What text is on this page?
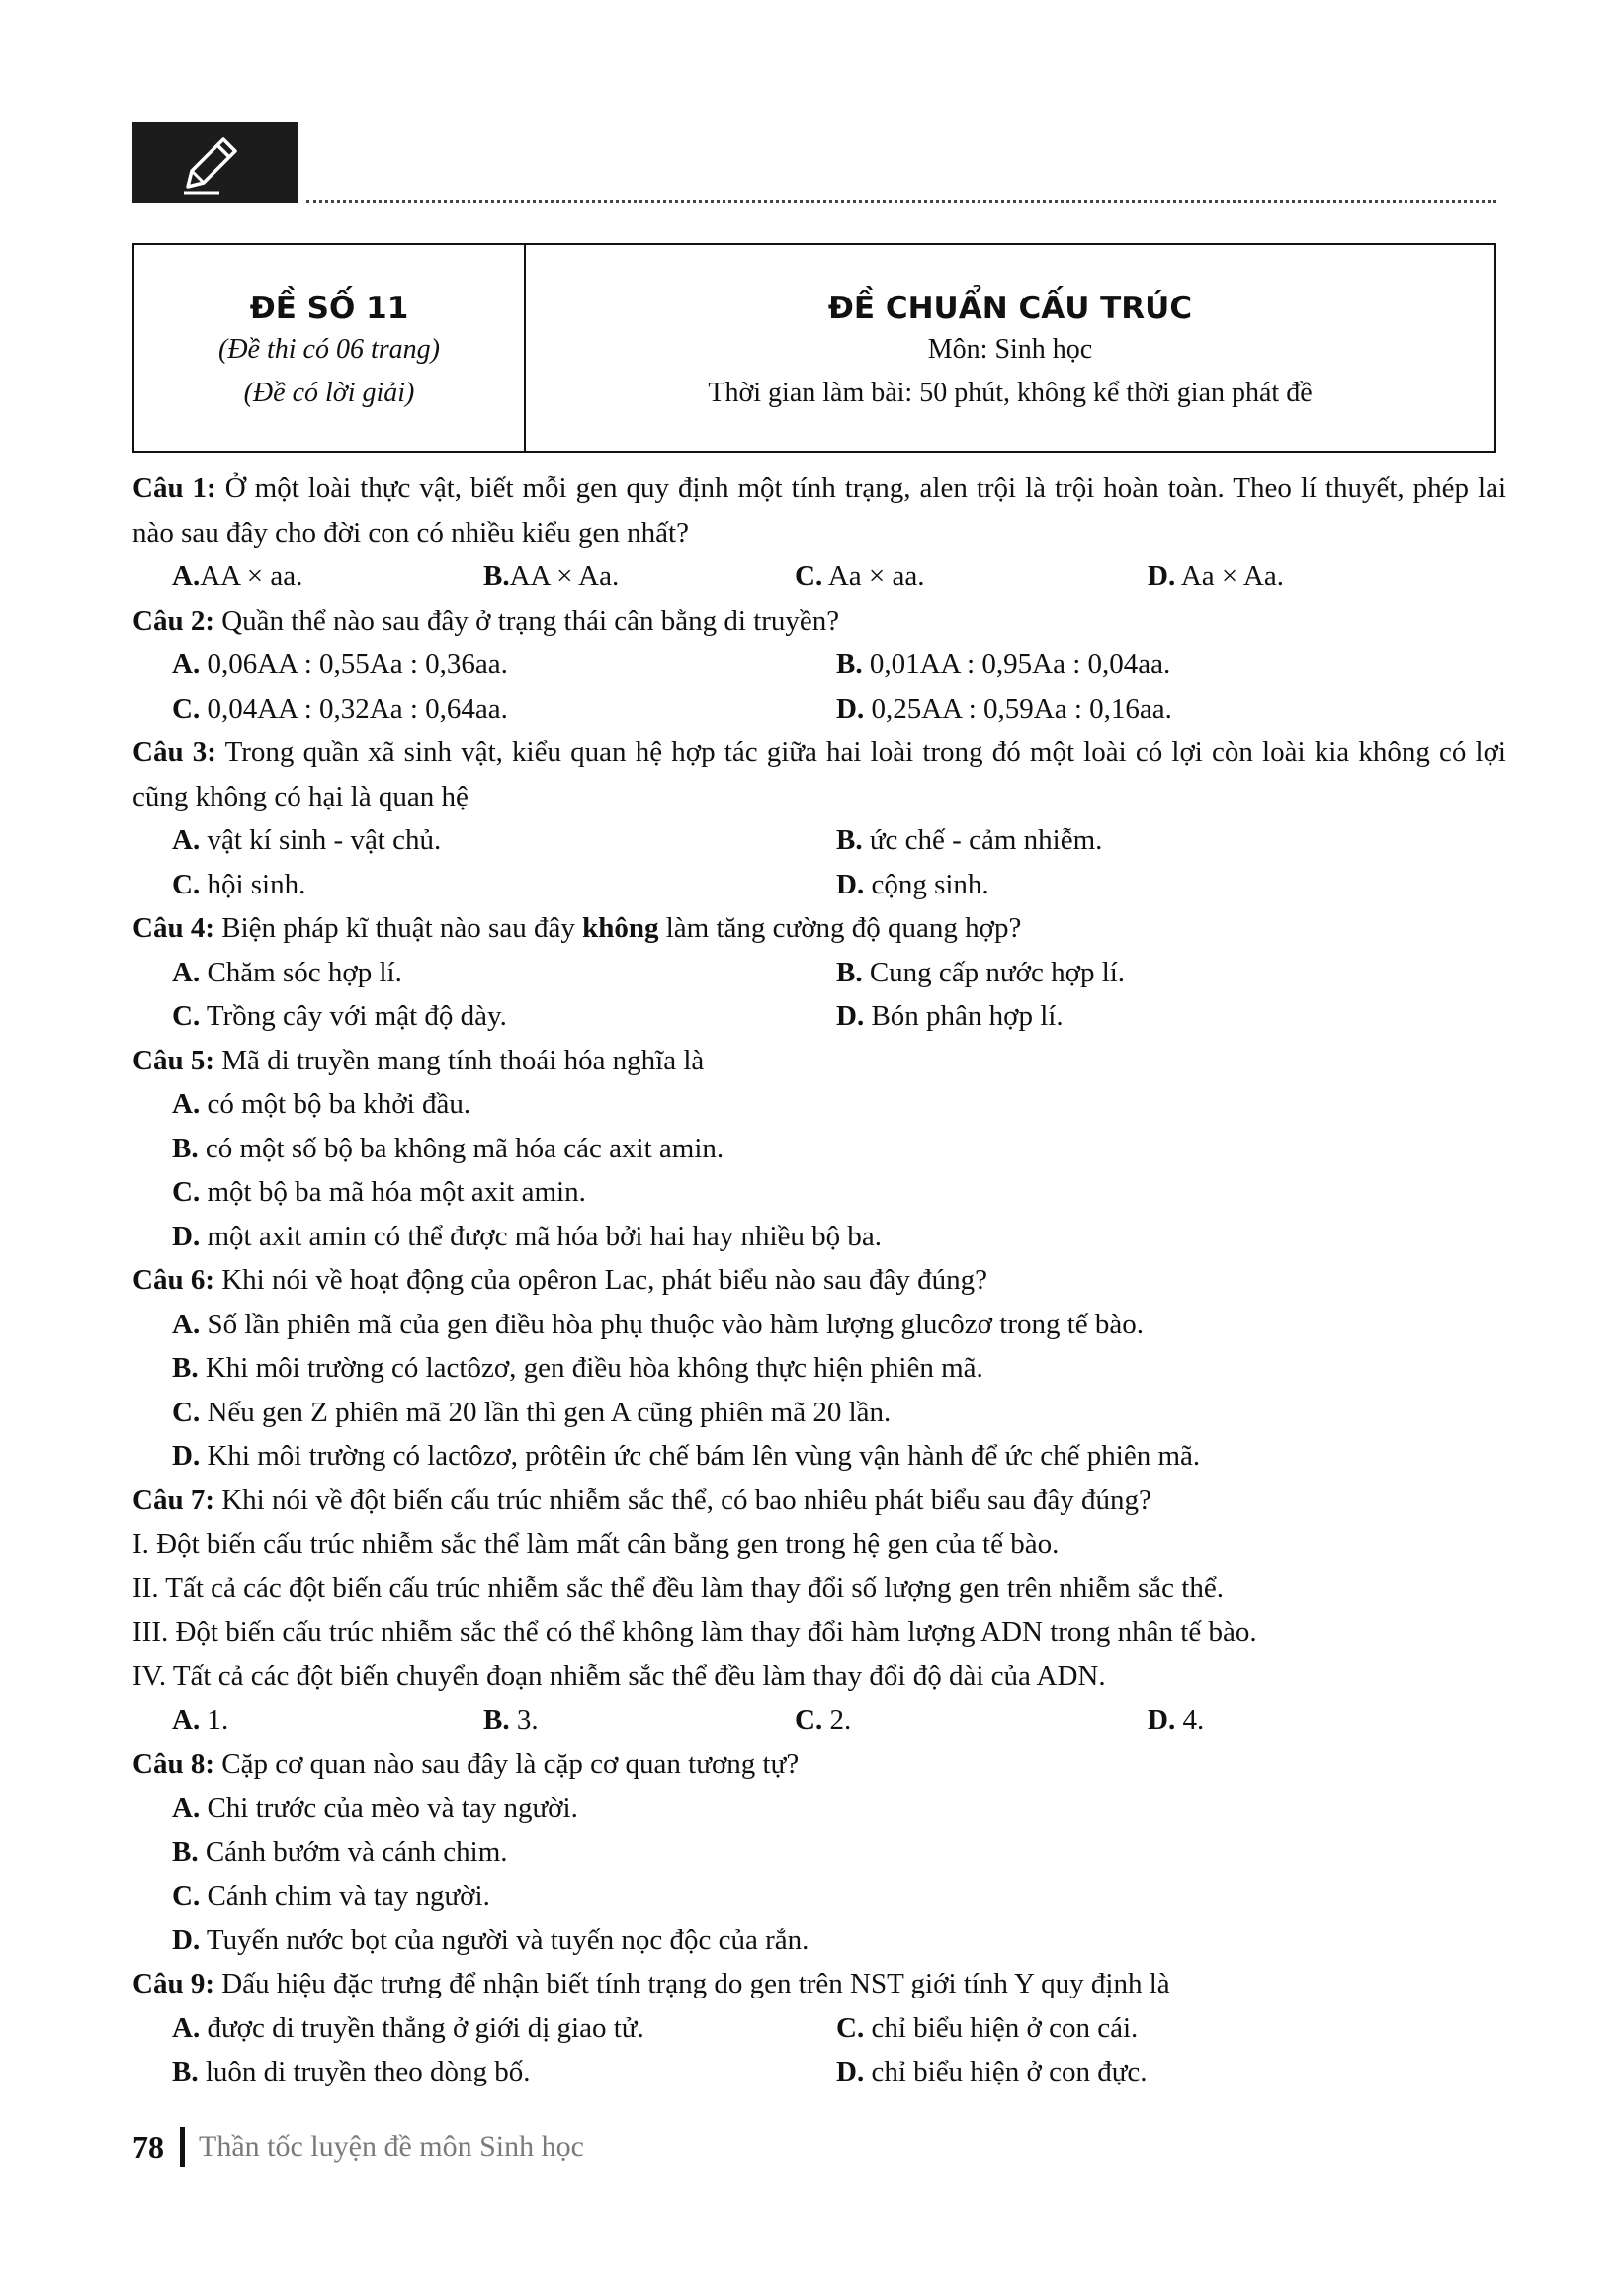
ĐỀ SỐ 11
(Đề thi có 06 trang)
(Đề có lời giải)
ĐỀ CHUẨN CẤU TRÚC
Môn: Sinh học
Thời gian làm bài: 50 phút, không kể thời gian phát đề
Câu 1: Ở một loài thực vật, biết mỗi gen quy định một tính trạng, alen trội là trội hoàn toàn. Theo lí thuyết, phép lai nào sau đây cho đời con có nhiều kiểu gen nhất?
A.AA × aa.	B.AA × Aa.	C. Aa × aa.	D. Aa × Aa.
Câu 2: Quần thể nào sau đây ở trạng thái cân bằng di truyền?
A. 0,06AA : 0,55Aa : 0,36aa.	B. 0,01AA : 0,95Aa : 0,04aa.
C. 0,04AA : 0,32Aa : 0,64aa.	D. 0,25AA : 0,59Aa : 0,16aa.
Câu 3: Trong quần xã sinh vật, kiểu quan hệ hợp tác giữa hai loài trong đó một loài có lợi còn loài kia không có lợi cũng không có hại là quan hệ
A. vật kí sinh - vật chủ.	B. ức chế - cảm nhiễm.
C. hội sinh.	D. cộng sinh.
Câu 4: Biện pháp kĩ thuật nào sau đây không làm tăng cường độ quang hợp?
A. Chăm sóc hợp lí.	B. Cung cấp nước hợp lí.
C. Trồng cây với mật độ dày.	D. Bón phân hợp lí.
Câu 5: Mã di truyền mang tính thoái hóa nghĩa là
A. có một bộ ba khởi đầu.
B. có một số bộ ba không mã hóa các axit amin.
C. một bộ ba mã hóa một axit amin.
D. một axit amin có thể được mã hóa bởi hai hay nhiều bộ ba.
Câu 6: Khi nói về hoạt động của opêron Lac, phát biểu nào sau đây đúng?
A. Số lần phiên mã của gen điều hòa phụ thuộc vào hàm lượng glucôzơ trong tế bào.
B. Khi môi trường có lactôzơ, gen điều hòa không thực hiện phiên mã.
C. Nếu gen Z phiên mã 20 lần thì gen A cũng phiên mã 20 lần.
D. Khi môi trường có lactôzơ, prôtêin ức chế bám lên vùng vận hành để ức chế phiên mã.
Câu 7: Khi nói về đột biến cấu trúc nhiễm sắc thể, có bao nhiêu phát biểu sau đây đúng?
I. Đột biến cấu trúc nhiễm sắc thể làm mất cân bằng gen trong hệ gen của tế bào.
II. Tất cả các đột biến cấu trúc nhiễm sắc thể đều làm thay đổi số lượng gen trên nhiễm sắc thể.
III. Đột biến cấu trúc nhiễm sắc thể có thể không làm thay đổi hàm lượng ADN trong nhân tế bào.
IV. Tất cả các đột biến chuyển đoạn nhiễm sắc thể đều làm thay đổi độ dài của ADN.
A. 1.	B. 3.	C. 2.	D. 4.
Câu 8: Cặp cơ quan nào sau đây là cặp cơ quan tương tự?
A. Chi trước của mèo và tay người.
B. Cánh bướm và cánh chim.
C. Cánh chim và tay người.
D. Tuyến nước bọt của người và tuyến nọc độc của rắn.
Câu 9: Dấu hiệu đặc trưng để nhận biết tính trạng do gen trên NST giới tính Y quy định là
A. được di truyền thẳng ở giới dị giao tử.	C. chỉ biểu hiện ở con cái.
B. luôn di truyền theo dòng bố.	D. chỉ biểu hiện ở con đực.
78 Thần tốc luyện đề môn Sinh học
